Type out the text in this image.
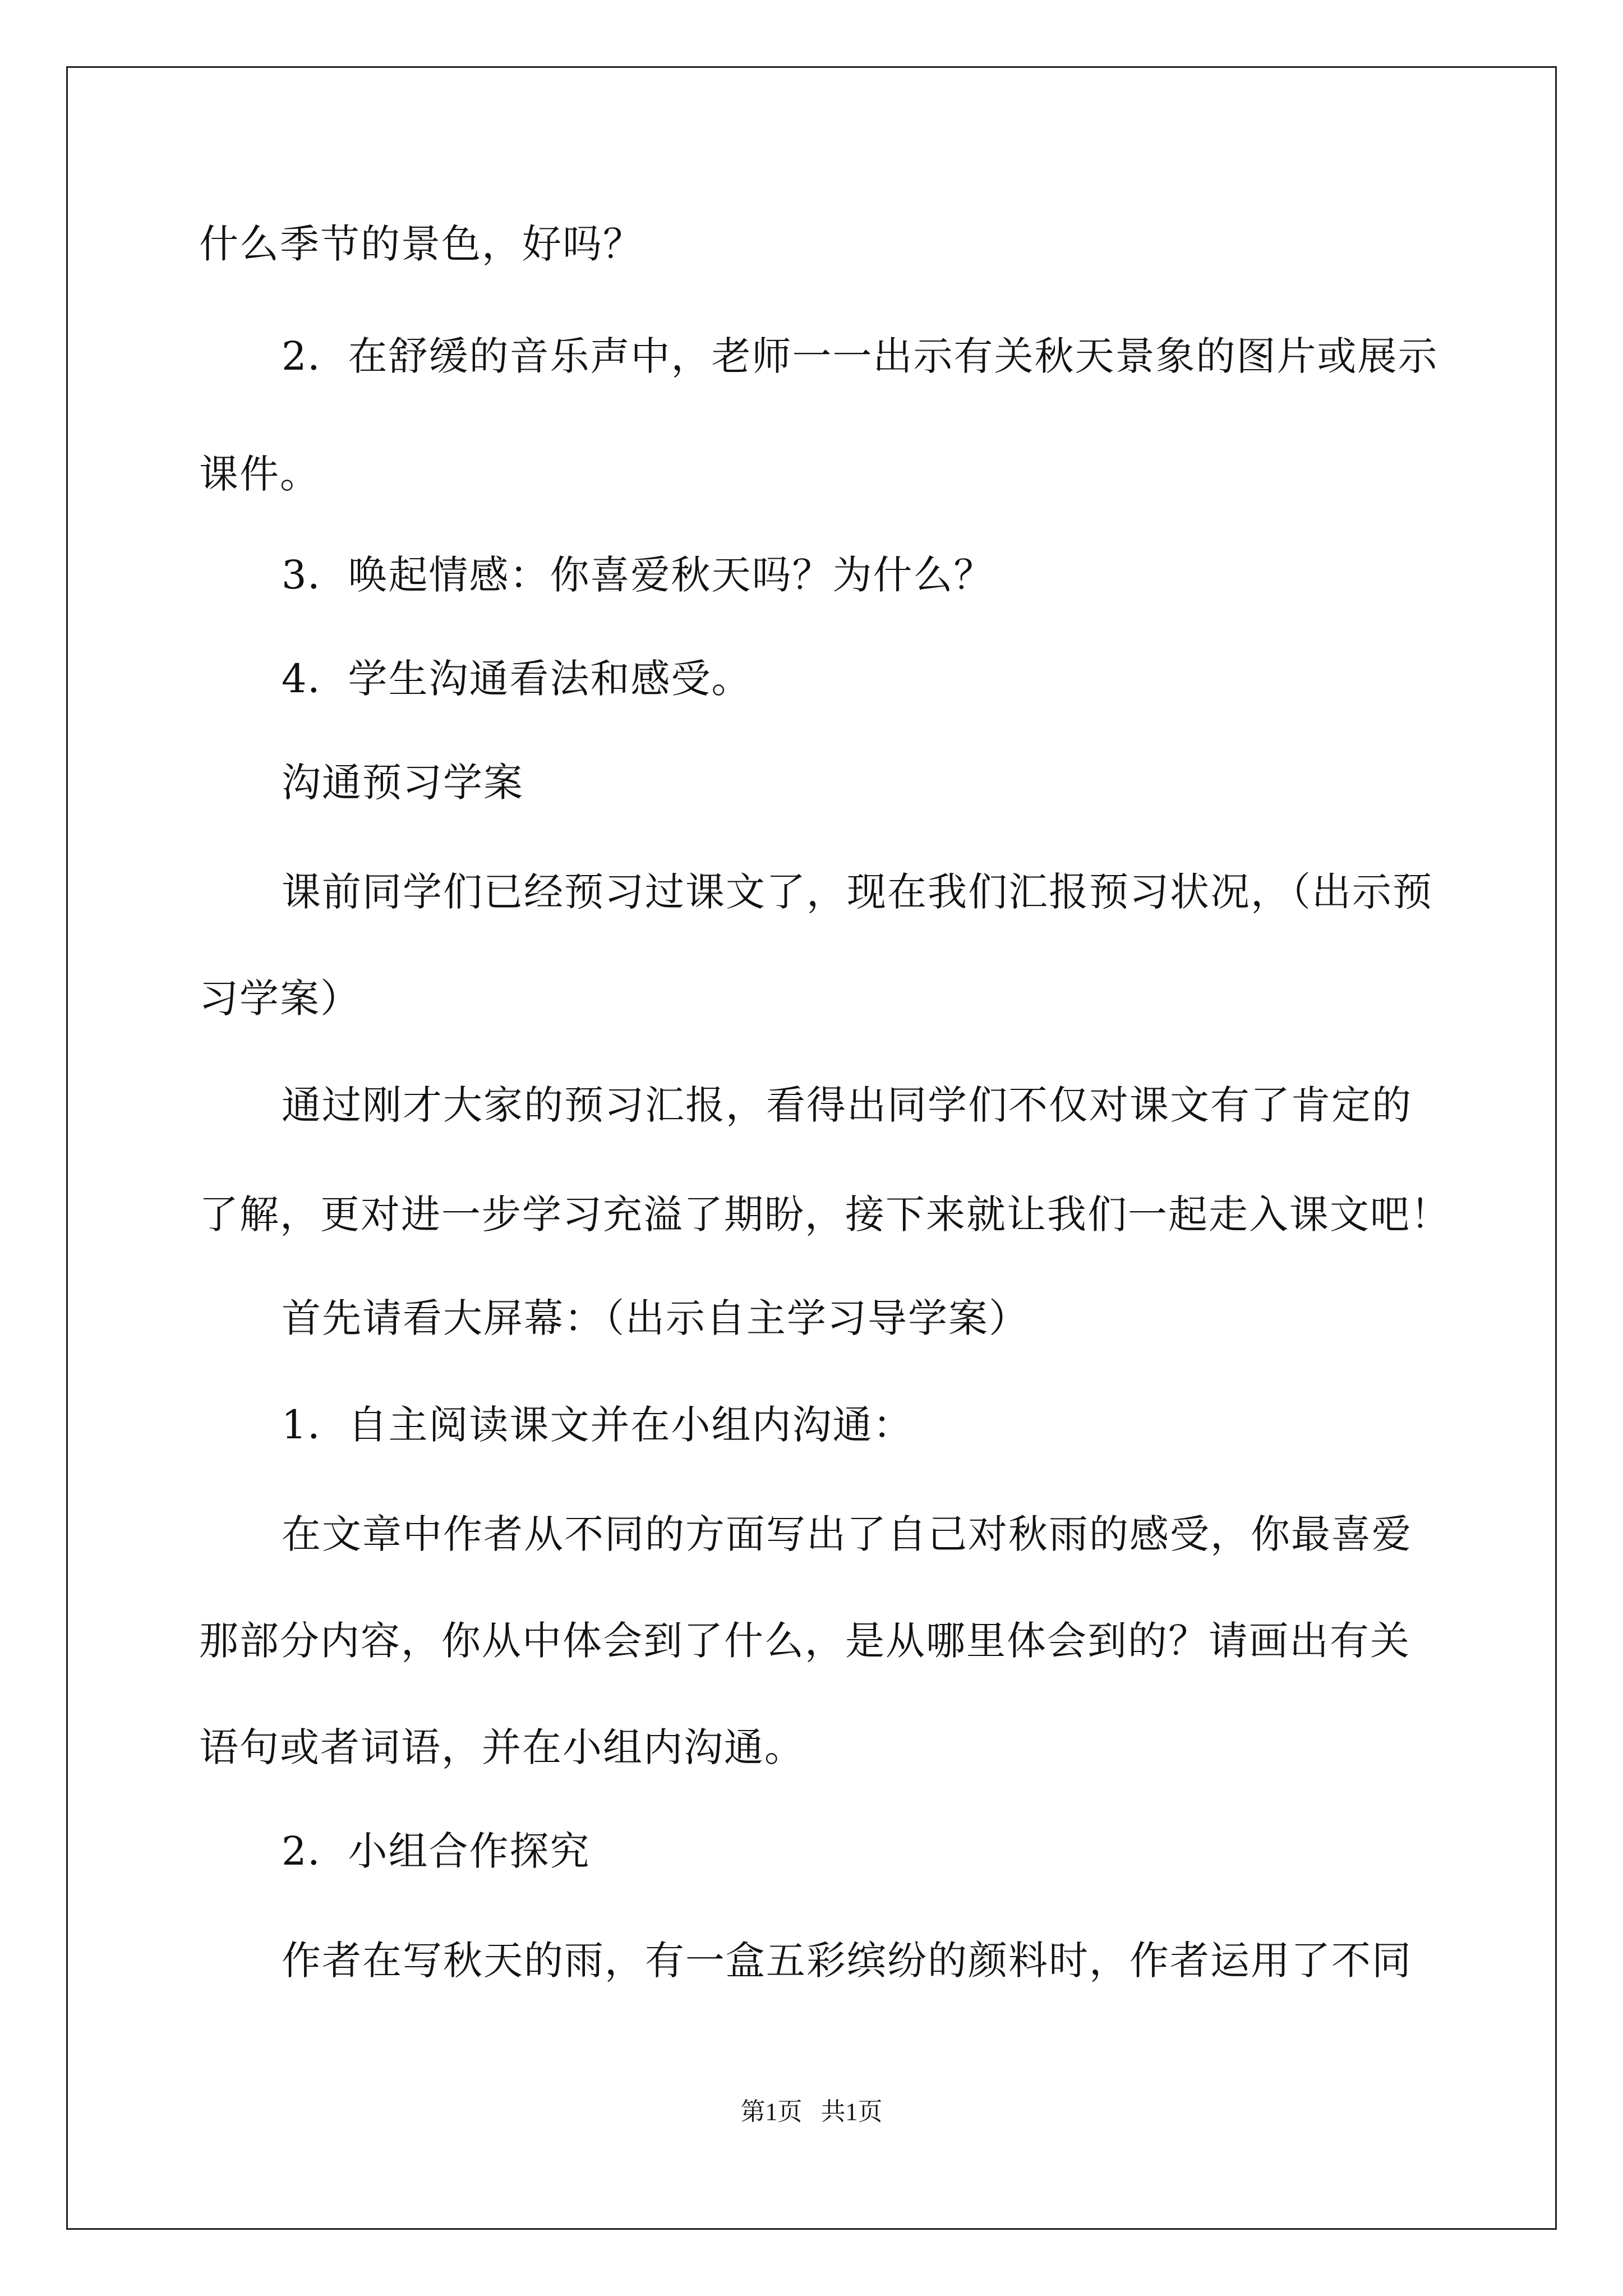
什么季节的景色，好吗？
2．在舒缓的音乐声中，老师一一出示有关秋天景象的图片或展示
课件。
3．唤起情感：你喜爱秋天吗？为什么？
4．学生沟通看法和感受。
沟通预习学案
课前同学们已经预习过课文了，现在我们汇报预习状况，（出示预
习学案）
通过刚才大家的预习汇报，看得出同学们不仅对课文有了肯定的
了解，更对进一步学习充溢了期盼，接下来就让我们一起走入课文吧！
首先请看大屏幕：（出示自主学习导学案）
1．自主阅读课文并在小组内沟通：
在文章中作者从不同的方面写出了自己对秋雨的感受，你最喜爱
那部分内容，你从中体会到了什么，是从哪里体会到的？请画出有关
语句或者词语，并在小组内沟通。
2．小组合作探究
作者在写秋天的雨，有一盒五彩缤纷的颜料时，作者运用了不同
第1页   共1页
